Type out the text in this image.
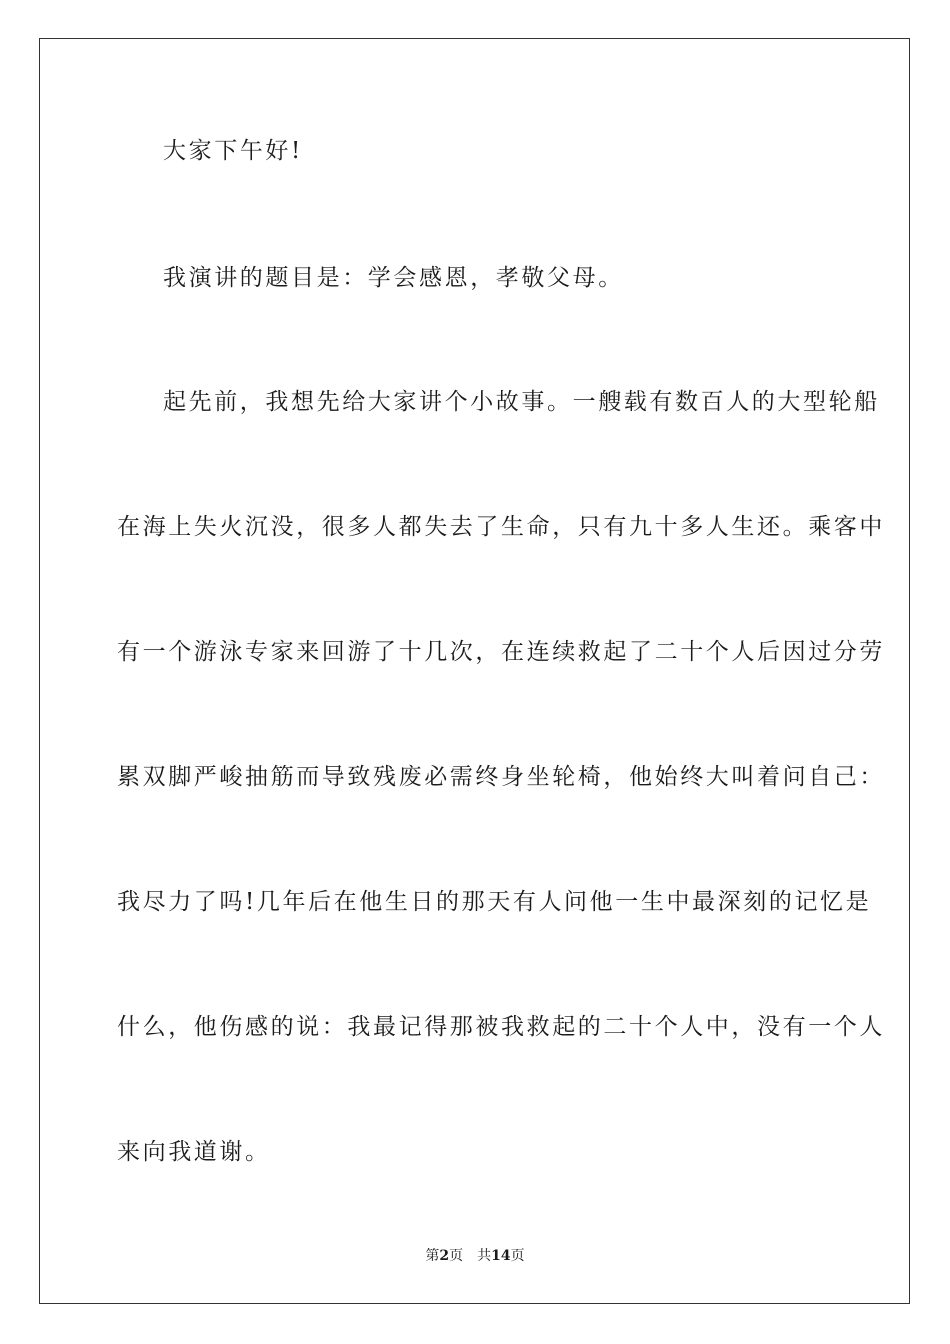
大家下午好!
我演讲的题目是：学会感恩，孝敬父母。
起先前，我想先给大家讲个小故事。一艘载有数百人的大型轮船
在海上失火沉没，很多人都失去了生命，只有九十多人生还。乘客中
有一个游泳专家来回游了十几次，在连续救起了二十个人后因过分劳
累双脚严峻抽筋而导致残废必需终身坐轮椅，他始终大叫着问自己：
我尽力了吗!几年后在他生日的那天有人问他一生中最深刻的记忆是
什么，他伤感的说：我最记得那被我救起的二十个人中，没有一个人
来向我道谢。
第2页 共14页
